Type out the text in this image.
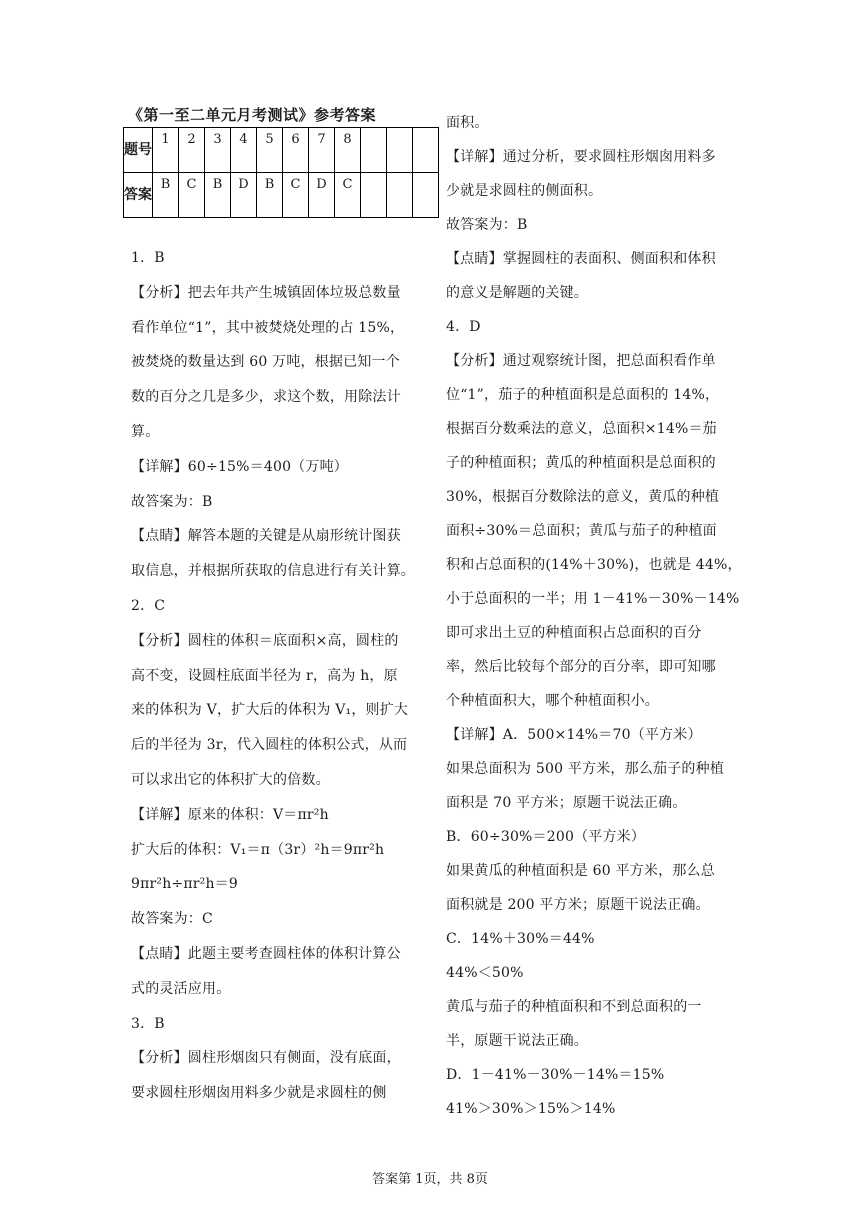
《第一至二单元月考测试》参考答案
题号	1	2	3	4	5	6	7	8			
答案	B	C	B	D	B	C	D	C			
1．B
【分析】把去年共产生城镇固体垃圾总数量
看作单位“1”，其中被焚烧处理的占 15%，
被焚烧的数量达到 60 万吨，根据已知一个
数的百分之几是多少，求这个数，用除法计
算。
【详解】60÷15%＝400（万吨）
故答案为：B
【点睛】解答本题的关键是从扇形统计图获
取信息，并根据所获取的信息进行有关计算。
2．C
【分析】圆柱的体积＝底面积×高，圆柱的
高不变，设圆柱底面半径为 r，高为 h，原
来的体积为 V，扩大后的体积为 V₁，则扩大
后的半径为 3r，代入圆柱的体积公式，从而
可以求出它的体积扩大的倍数。
【详解】原来的体积：V＝πr²h
扩大后的体积：V₁＝π（3r）²h＝9πr²h
9πr²h÷πr²h＝9
故答案为：C
【点睛】此题主要考查圆柱体的体积计算公
式的灵活应用。
3．B
【分析】圆柱形烟囱只有侧面，没有底面，
要求圆柱形烟囱用料多少就是求圆柱的侧
面积。
【详解】通过分析，要求圆柱形烟囱用料多
少就是求圆柱的侧面积。
故答案为：B
【点睛】掌握圆柱的表面积、侧面积和体积
的意义是解题的关键。
4．D
【分析】通过观察统计图，把总面积看作单
位“1”，茄子的种植面积是总面积的 14%，
根据百分数乘法的意义，总面积×14%＝茄
子的种植面积；黄瓜的种植面积是总面积的
30%，根据百分数除法的意义，黄瓜的种植
面积÷30%＝总面积；黄瓜与茄子的种植面
积和占总面积的(14%＋30%)，也就是 44%，
小于总面积的一半；用 1－41%－30%－14%
即可求出土豆的种植面积占总面积的百分
率，然后比较每个部分的百分率，即可知哪
个种植面积大，哪个种植面积小。
【详解】A．500×14%＝70（平方米）
如果总面积为 500 平方米，那么茄子的种植
面积是 70 平方米；原题干说法正确。
B．60÷30%＝200（平方米）
如果黄瓜的种植面积是 60 平方米，那么总
面积就是 200 平方米；原题干说法正确。
C．14%＋30%＝44%
44%＜50%
黄瓜与茄子的种植面积和不到总面积的一
半，原题干说法正确。
D．1－41%－30%－14%＝15%
41%＞30%＞15%＞14%
答案第 1页，共 8页
